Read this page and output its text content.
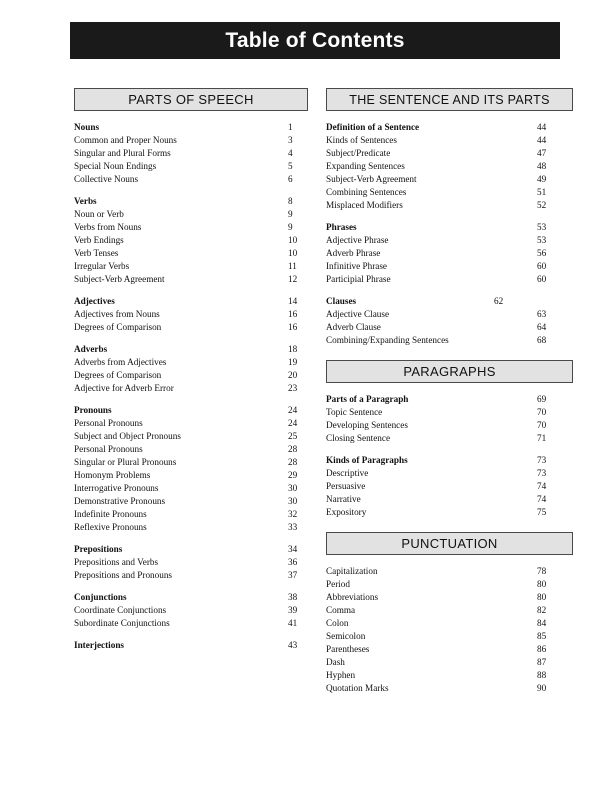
Table of Contents
PARTS OF SPEECH
Nouns	1
Common and Proper Nouns	3
Singular and Plural Forms	4
Special Noun Endings	5
Collective Nouns	6
Verbs	8
Noun or Verb	9
Verbs from Nouns	9
Verb Endings	10
Verb Tenses	10
Irregular Verbs	11
Subject-Verb Agreement	12
Adjectives	14
Adjectives from Nouns	16
Degrees of Comparison	16
Adverbs	18
Adverbs from Adjectives	19
Degrees of Comparison	20
Adjective for Adverb Error	23
Pronouns	24
Personal Pronouns	24
Subject and Object Pronouns	25
Personal Pronouns	28
Singular or Plural Pronouns	28
Homonym Problems	29
Interrogative Pronouns	30
Demonstrative Pronouns	30
Indefinite Pronouns	32
Reflexive Pronouns	33
Prepositions	34
Prepositions and Verbs	36
Prepositions and Pronouns	37
Conjunctions	38
Coordinate Conjunctions	39
Subordinate Conjunctions	41
Interjections	43
THE SENTENCE AND ITS PARTS
Definition of a Sentence	44
Kinds of Sentences	44
Subject/Predicate	47
Expanding Sentences	48
Subject-Verb Agreement	49
Combining Sentences	51
Misplaced Modifiers	52
Phrases	53
Adjective Phrase	53
Adverb Phrase	56
Infinitive Phrase	60
Participial Phrase	60
Clauses	62
Adjective Clause	63
Adverb Clause	64
Combining/Expanding Sentences	68
PARAGRAPHS
Parts of a Paragraph	69
Topic Sentence	70
Developing Sentences	70
Closing Sentence	71
Kinds of Paragraphs	73
Descriptive	73
Persuasive	74
Narrative	74
Expository	75
PUNCTUATION
Capitalization	78
Period	80
Abbreviations	80
Comma	82
Colon	84
Semicolon	85
Parentheses	86
Dash	87
Hyphen	88
Quotation Marks	90
